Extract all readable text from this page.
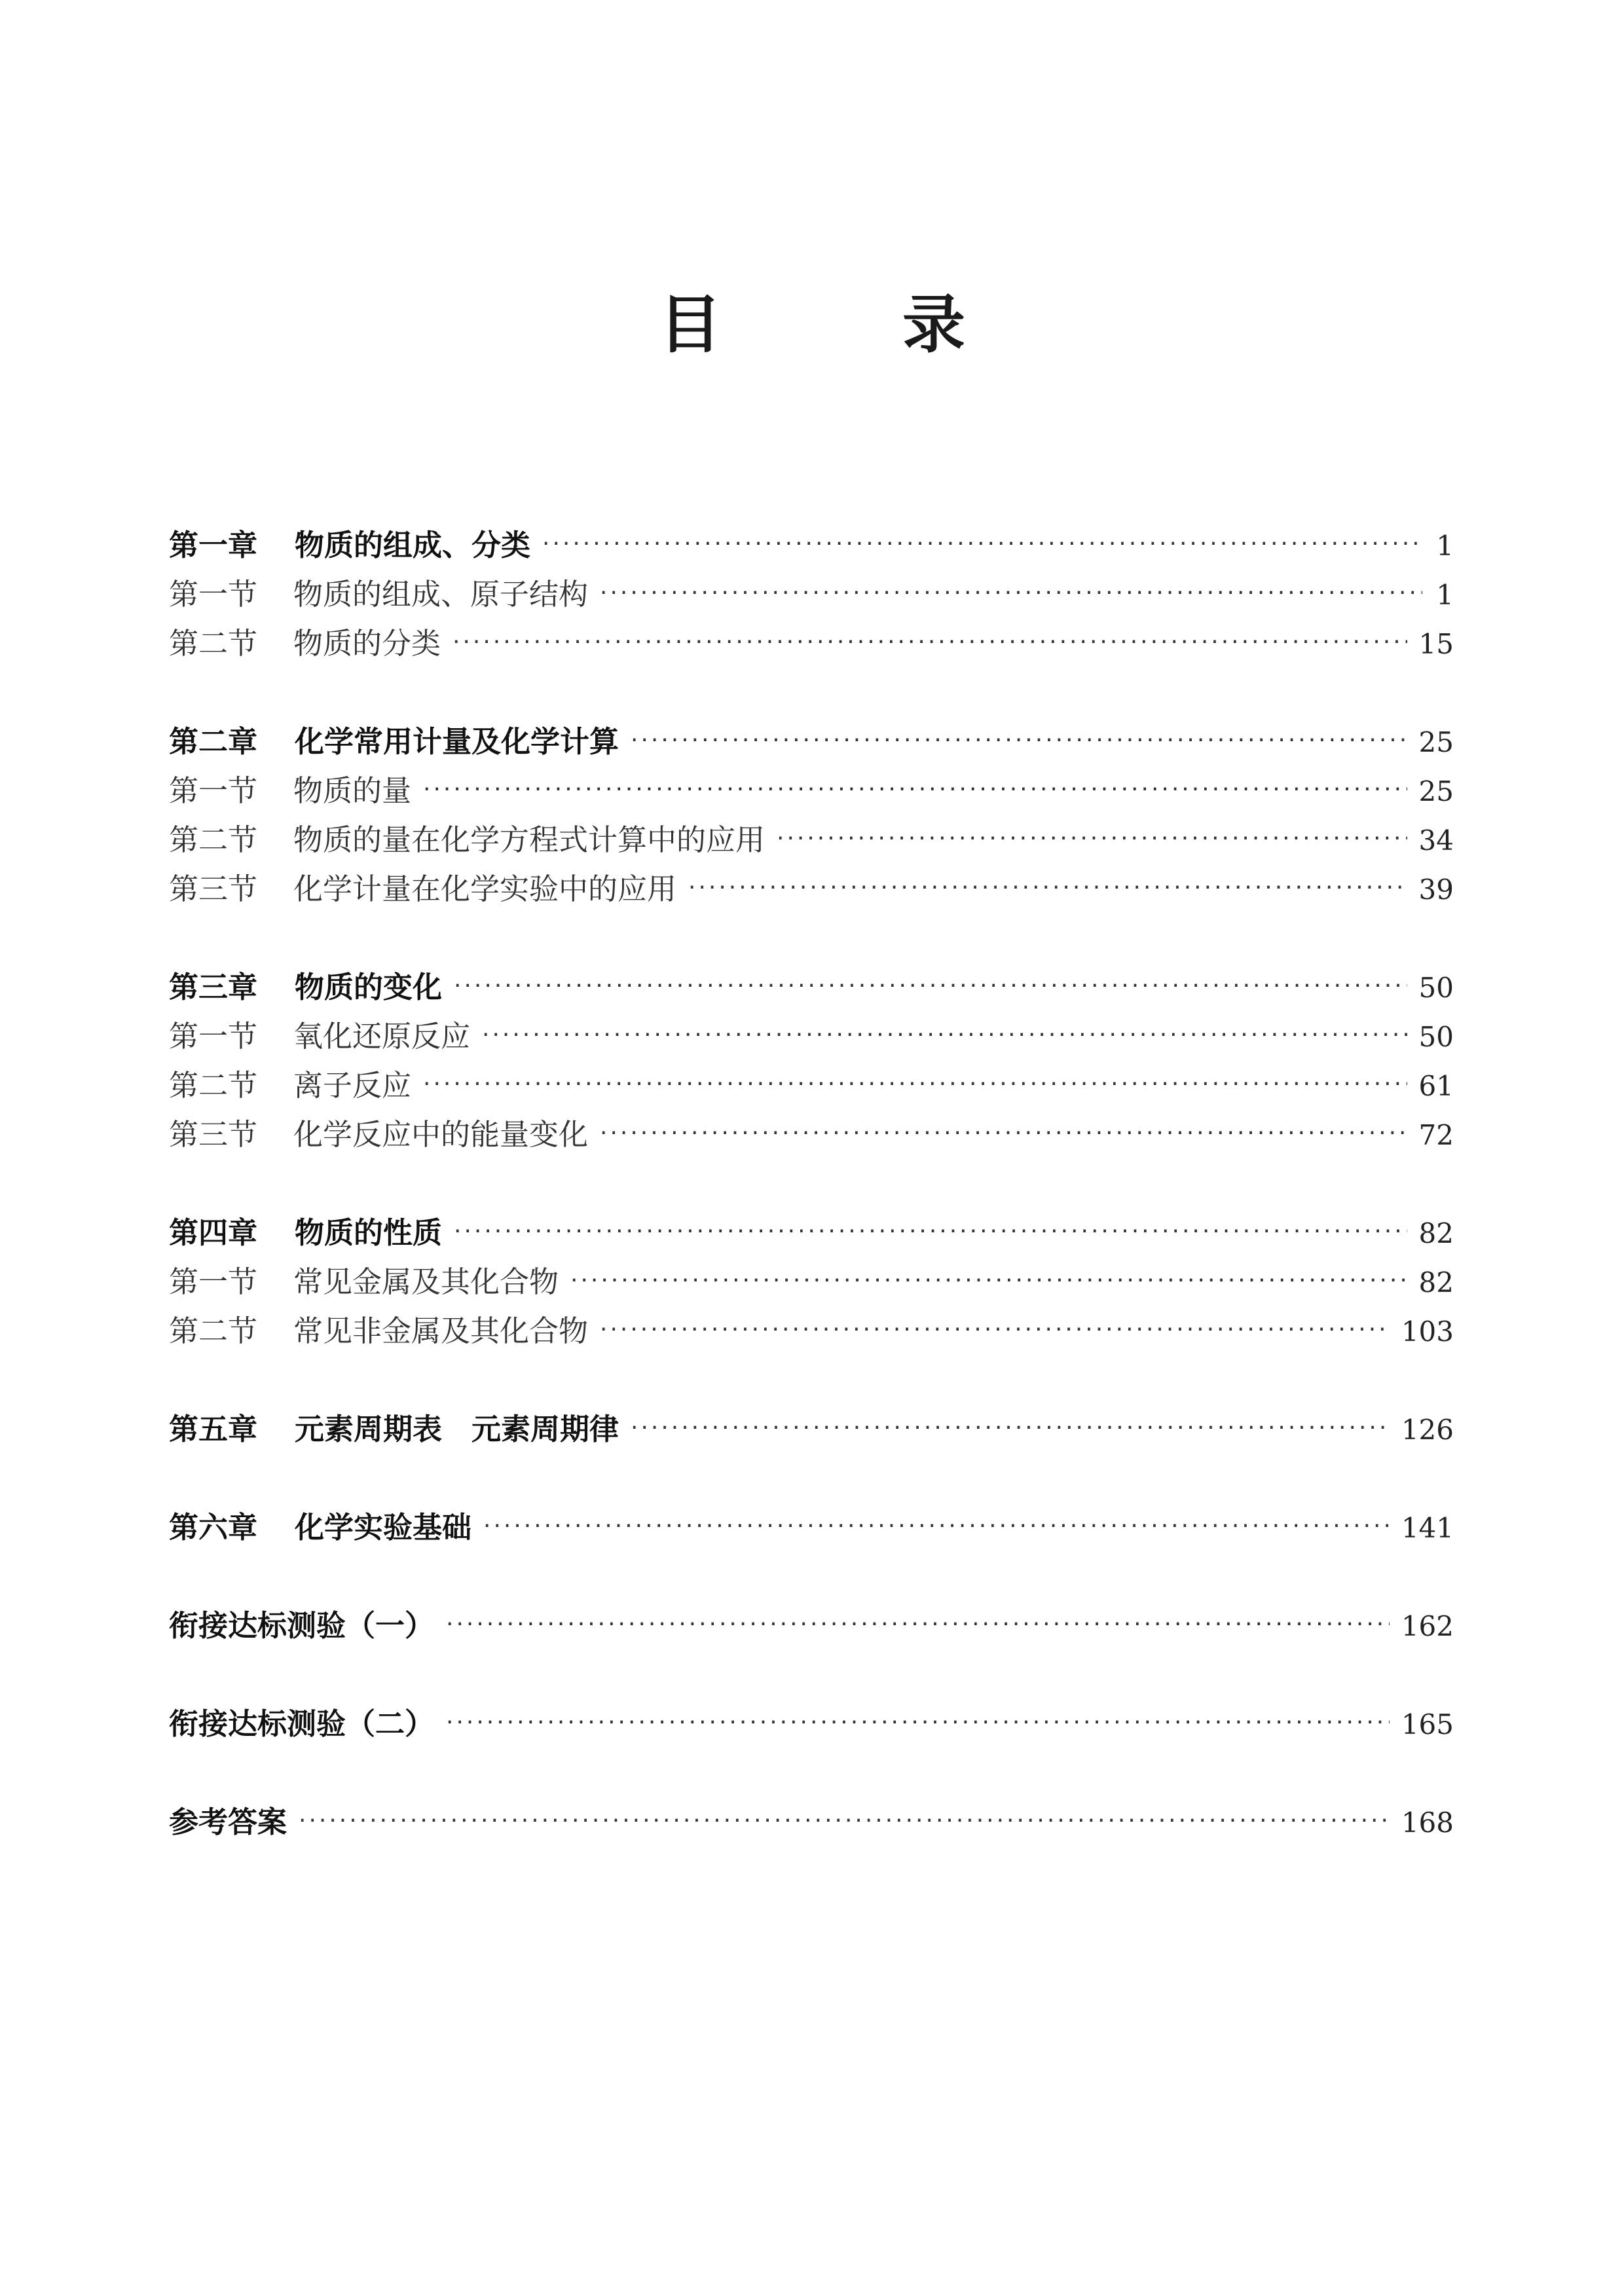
目　录
第一章 物质的组成、分类 ·····	1
第一节 物质的组成、原子结构 ·····	1
第二节 物质的分类 ·····	15
第二章 化学常用计量及化学计算 ·····	25
第一节 物质的量 ·····	25
第二节 物质的量在化学方程式计算中的应用 ·····	34
第三节 化学计量在化学实验中的应用 ·····	39
第三章 物质的变化 ·····	50
第一节 氧化还原反应 ·····	50
第二节 离子反应 ·····	61
第三节 化学反应中的能量变化 ·····	72
第四章 物质的性质 ·····	82
第一节 常见金属及其化合物 ·····	82
第二节 常见非金属及其化合物 ·····	103
第五章 元素周期表　元素周期律 ·····	126
第六章 化学实验基础 ·····	141
衔接达标测验（一） ·····	162
衔接达标测验（二） ·····	165
参考答案 ·····	168
